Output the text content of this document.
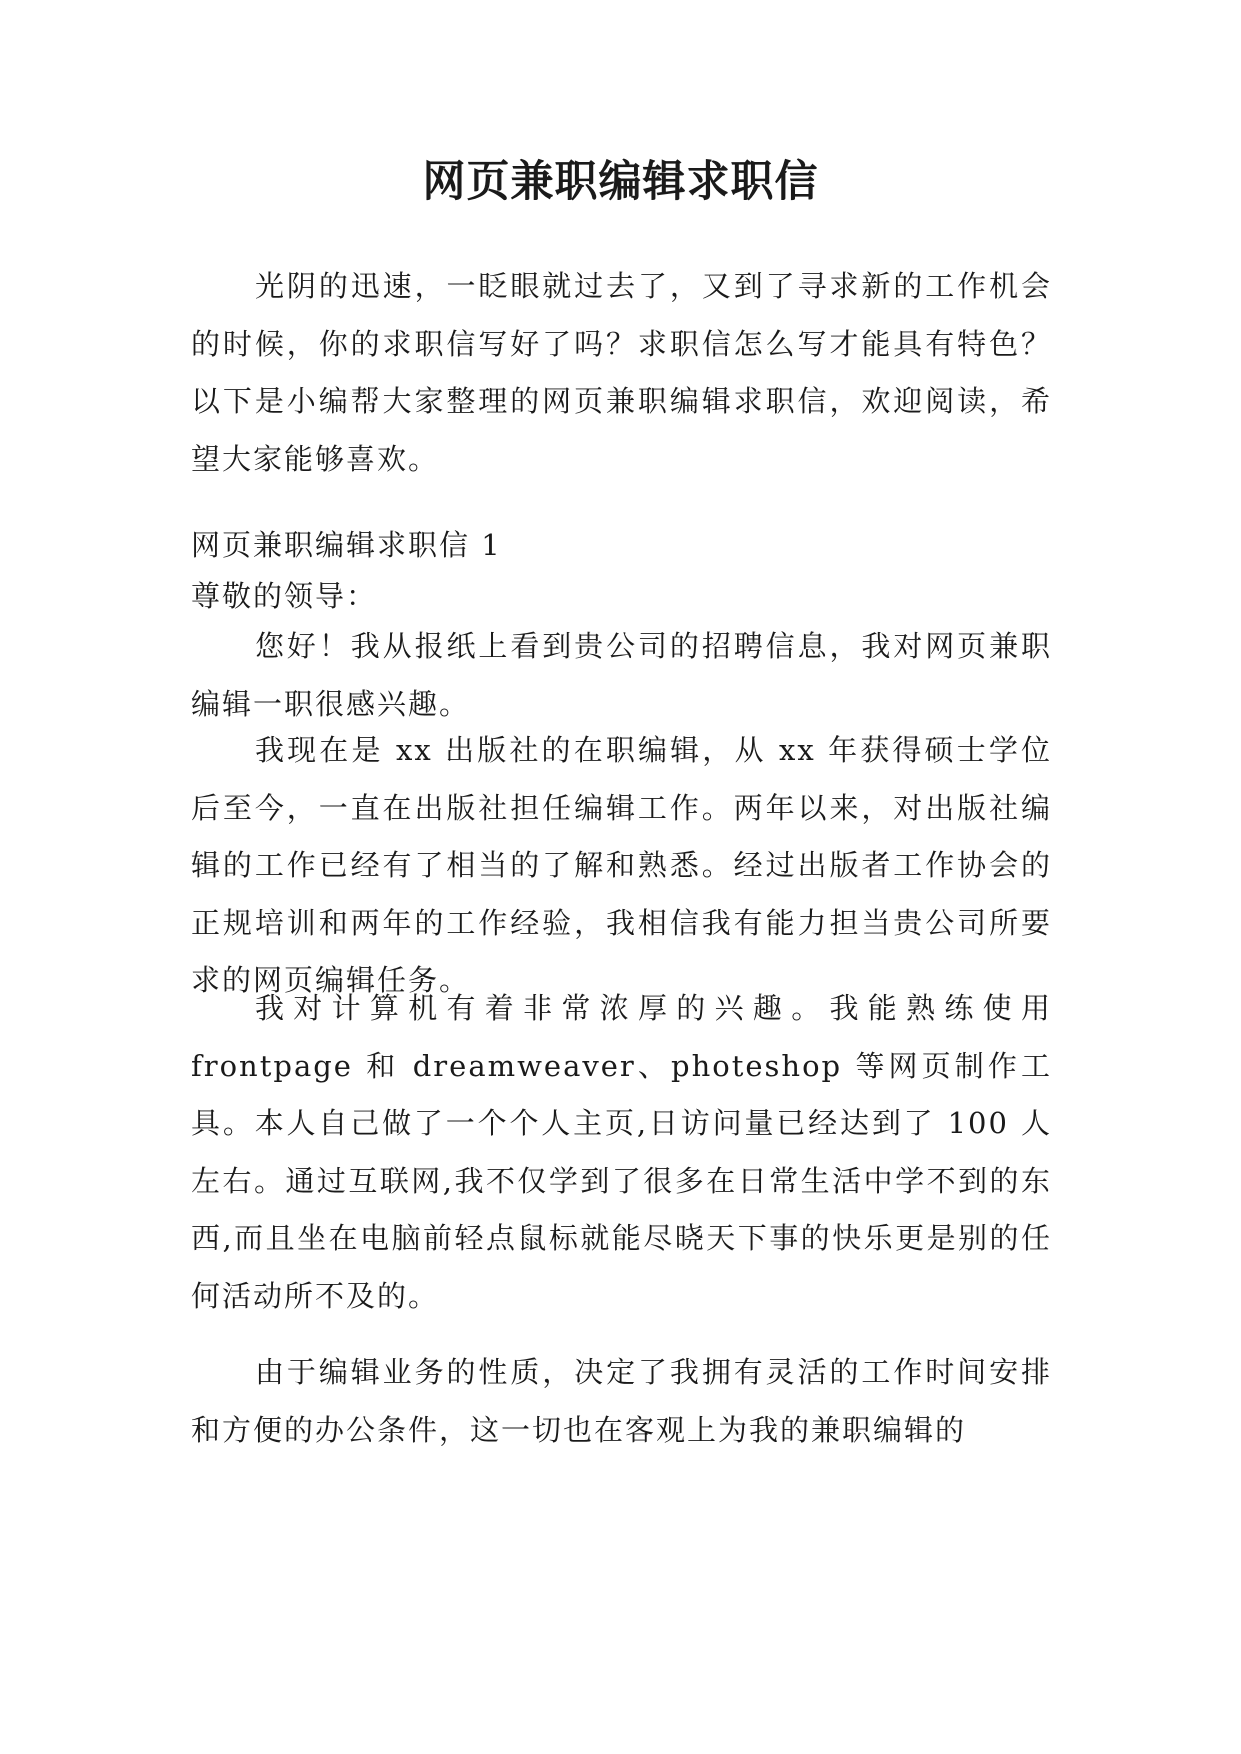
网页兼职编辑求职信

光阴的迅速，一眨眼就过去了，又到了寻求新的工作机会的时候，你的求职信写好了吗？求职信怎么写才能具有特色？以下是小编帮大家整理的网页兼职编辑求职信，欢迎阅读，希望大家能够喜欢。

网页兼职编辑求职信 1

尊敬的领导：

您好！我从报纸上看到贵公司的招聘信息，我对网页兼职编辑一职很感兴趣。

我现在是 xx 出版社的在职编辑，从 xx 年获得硕士学位后至今，一直在出版社担任编辑工作。两年以来，对出版社编辑的工作已经有了相当的了解和熟悉。经过出版者工作协会的正规培训和两年的工作经验，我相信我有能力担当贵公司所要求的网页编辑任务。

我对计算机有着非常浓厚的兴趣。我能熟练使用 frontpage 和 dreamweaver、photeshop 等网页制作工具。本人自己做了一个个人主页,日访问量已经达到了 100 人左右。通过互联网,我不仅学到了很多在日常生活中学不到的东西,而且坐在电脑前轻点鼠标就能尽晓天下事的快乐更是别的任何活动所不及的。

由于编辑业务的性质，决定了我拥有灵活的工作时间安排和方便的办公条件，这一切也在客观上为我的兼职编辑的
